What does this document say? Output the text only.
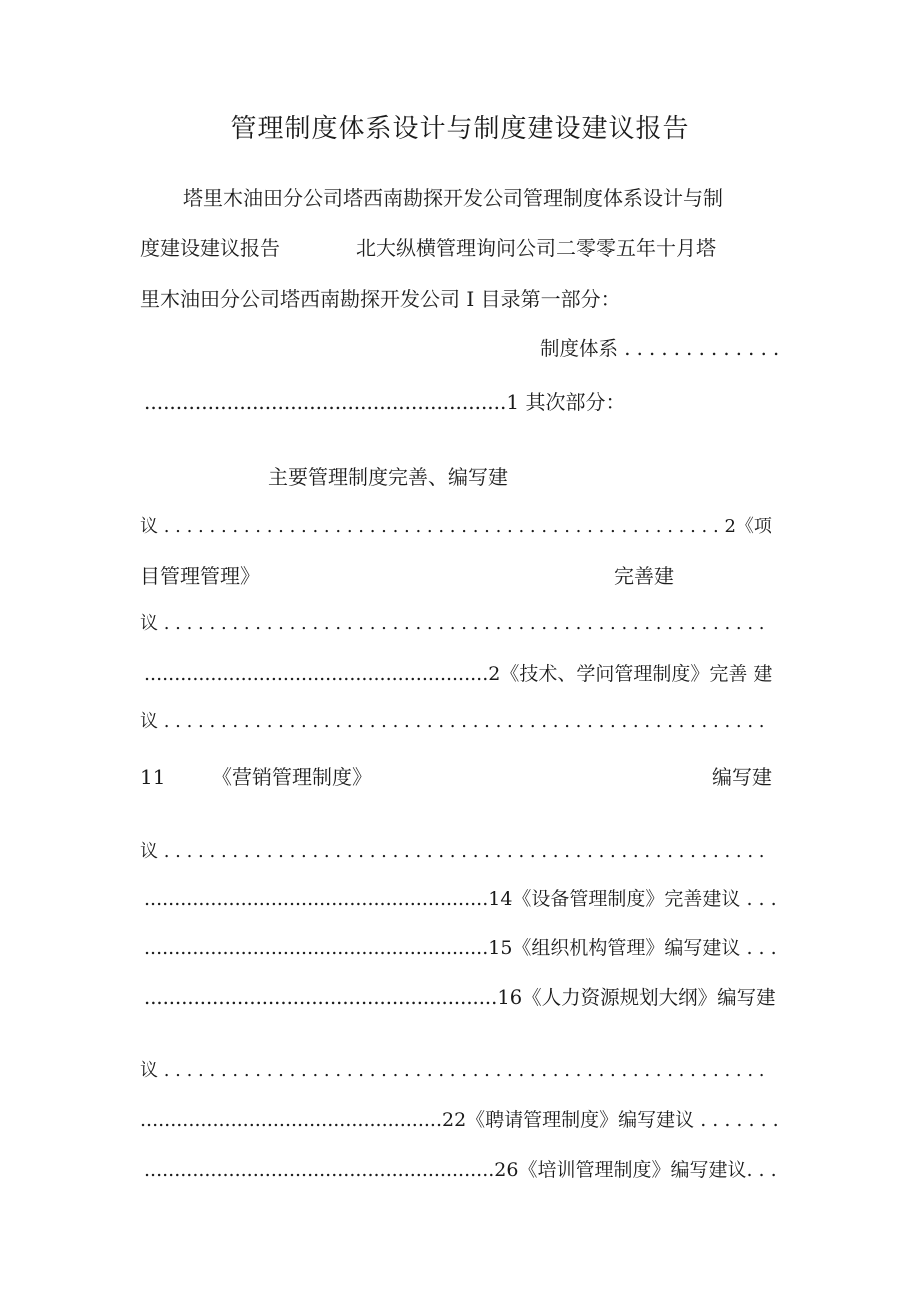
管理制度体系设计与制度建设建议报告
塔里木油田分公司塔西南勘探开发公司管理制度体系设计与制
度建设建议报告	北大纵横管理询问公司二零零五年十月塔
里木油田分公司塔西南勘探开发公司 I 目录第一部分：
制度体系 . . . . . . . . . . . . .
.........................................................1 其次部分：
主要管理制度完善、编写建
议 . . . . . . . . . . . . . . . . . . . . . . . . . . . . . . . . . . . . . . . . . . . . . . . . . 2《项
目管理管理》	完善建
议 . . . . . . . . . . . . . . . . . . . . . . . . . . . . . . . . . . . . . . . . . . . . . . . . . . . . .
.........................................................2《技术、学问管理制度》完善 建
议 . . . . . . . . . . . . . . . . . . . . . . . . . . . . . . . . . . . . . . . . . . . . . . . . . . . . .
11 《营销管理制度》	编写建
议 . . . . . . . . . . . . . . . . . . . . . . . . . . . . . . . . . . . . . . . . . . . . . . . . . . . . .
.........................................................14《设备管理制度》完善建议 . . .
.........................................................15《组织机构管理》编写建议 . . .
.........................................................16《人力资源规划大纲》编写建
议 . . . . . . . . . . . . . . . . . . . . . . . . . . . . . . . . . . . . . . . . . . . . . . . . . . . . .
..................................................22《聘请管理制度》编写建议 . . . . . . .
..........................................................26《培训管理制度》编写建议. . .
